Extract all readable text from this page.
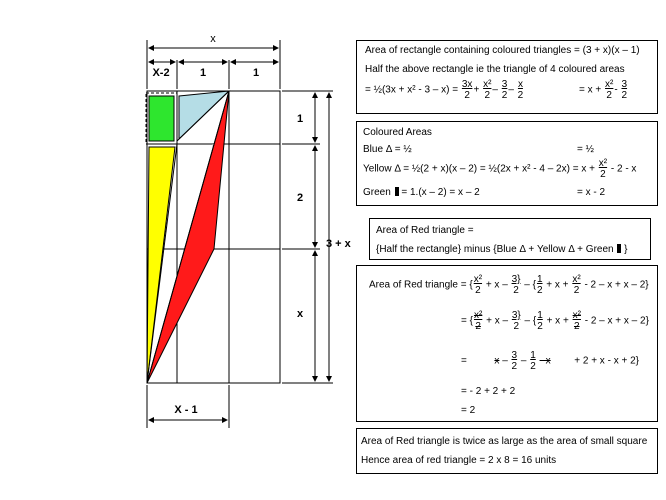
x
X-2	1	1
1
2
x
3 + x
X - 1
Area of rectangle containing coloured triangles = (3 + x)(x – 1)
Half the above rectangle ie the triangle of 4 coloured areas
= ½(3x + $x^2 - 3 - x) = \frac{3x}{2} + \frac{\text{x²}}{2} - \frac{3}{2} - \frac{x}{2}$	= $x + \frac{\text{x²}}{2} - \frac{3}{2}$
Coloured Areas
Blue Δ = ½	= ½
Yellow Δ = ½(2 + x)(x – 2) = ½(2x + $x^2 - 4 - 2x) = x + \frac{\text{x²}}{2} - 2 - x$
Green = 1.(x – 2) = x – 2	= x - 2
Area of Red triangle =
{Half the rectangle} minus {Blue Δ + Yellow Δ + Green }
Area of Red triangle = { $\frac{\text{x²}}{2} + x - \frac{3\}}{2}$ – { $\frac{1}{2} + x + \frac{\text{x²}}{2} - 2 - x + x - 2$}
= { $\frac{\text{x²}}{2} + x - \frac{3\}}{2}$ – { $\frac{1}{2} + x + \frac{\text{x²}}{2} - 2 - x + x - 2$}
=	$x - \frac{3}{2} - \frac{1}{2} - x + 2 + x - x + 2$}
= - 2 + 2 + 2
= 2
Area of Red triangle is twice as large as the area of small square
Hence area of red triangle = 2 x 8 = 16 units
